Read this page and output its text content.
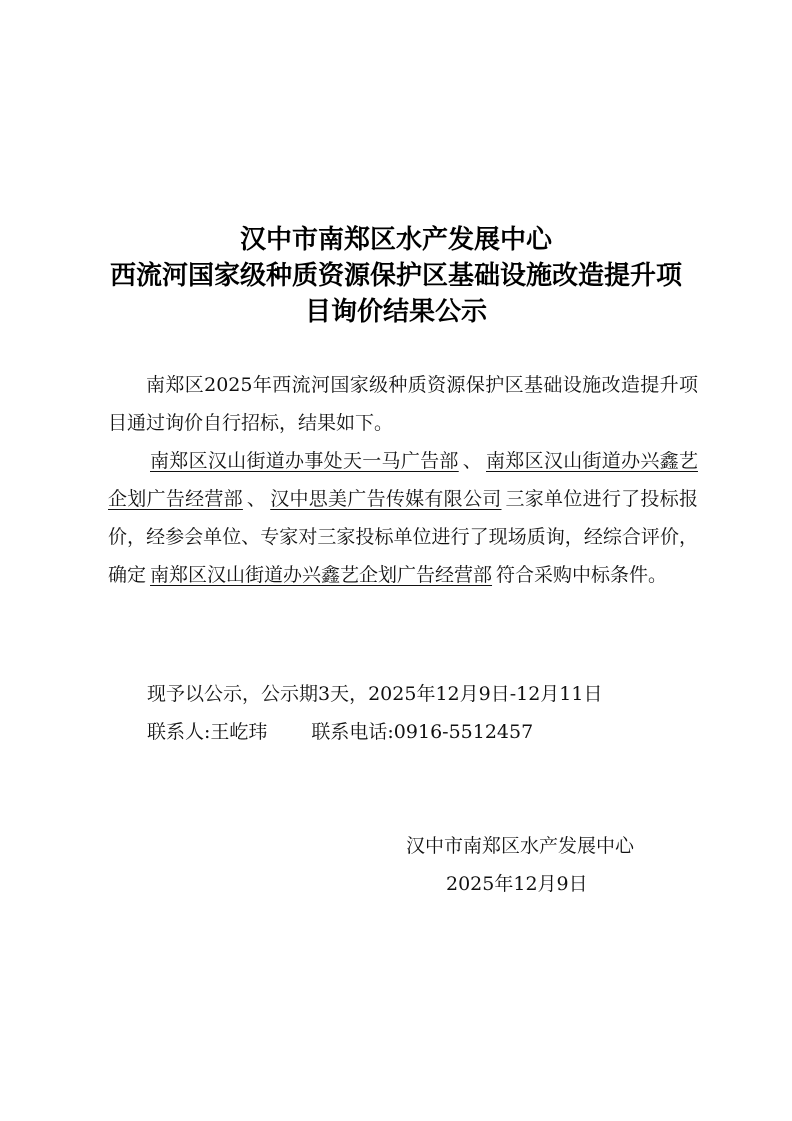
汉中市南郑区水产发展中心
西流河国家级种质资源保护区基础设施改造提升项
目询价结果公示
南郑区2025年西流河国家级种质资源保护区基础设施改造提升项目通过询价自行招标，结果如下。
南郑区汉山街道办事处天一马广告部 、 南郑区汉山街道办兴鑫艺企划广告经营部 、 汉中思美广告传媒有限公司 三家单位进行了投标报价，经参会单位、专家对三家投标单位进行了现场质询，经综合评价，确定 南郑区汉山街道办兴鑫艺企划广告经营部 符合采购中标条件。
现予以公示，公示期3天，2025年12月9日-12月11日
联系人:王屹玮 联系电话:0916-5512457
汉中市南郑区水产发展中心
2025年12月9日
